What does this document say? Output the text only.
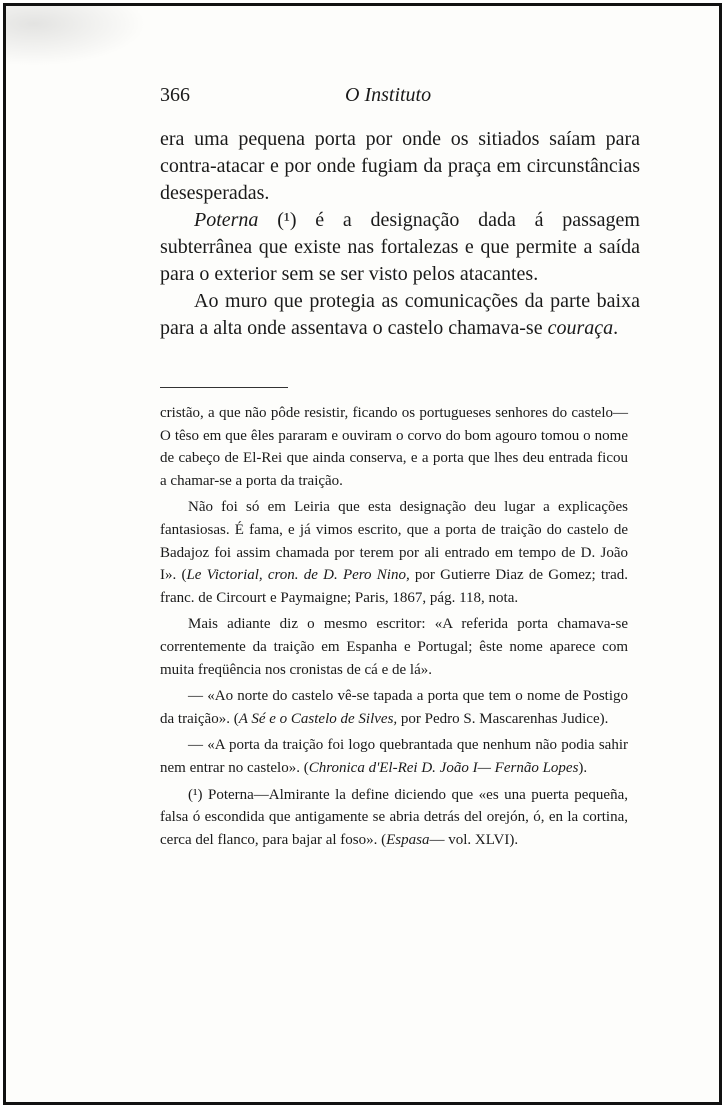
366	O Instituto

era uma pequena porta por onde os sitiados saíam para contra-atacar e por onde fugiam da praça em circunstâncias desesperadas.

Poterna (¹) é a designação dada á passagem subterrânea que existe nas fortalezas e que permite a saída para o exterior sem se ser visto pelos atacantes.

Ao muro que protegia as comunicações da parte baixa para a alta onde assentava o castelo chamava-se couraça.

cristão, a que não pôde resistir, ficando os portugueses senhores do castelo—O têso em que êles pararam e ouviram o corvo do bom agouro tomou o nome de cabeço de El-Rei que ainda conserva, e a porta que lhes deu entrada ficou a chamar-se a porta da traição.

Não foi só em Leiria que esta designação deu lugar a explicações fantasiosas. É fama, e já vimos escrito, que a porta de traição do castelo de Badajoz foi assim chamada por terem por ali entrado em tempo de D. João I». (Le Victorial, cron. de D. Pero Nino, por Gutierre Diaz de Gomez; trad. franc. de Circourt e Paymaigne; Paris, 1867, pág. 118, nota.

Mais adiante diz o mesmo escritor: «A referida porta chamava-se correntemente da traição em Espanha e Portugal; êste nome aparece com muita freqüência nos cronistas de cá e de lá».

— «Ao norte do castelo vê-se tapada a porta que tem o nome de Postigo da traição». (A Sé e o Castelo de Silves, por Pedro S. Mascarenhas Judice).

— «A porta da traição foi logo quebrantada que nenhum não podia sahir nem entrar no castelo». (Chronica d'El-Rei D. João I— Fernão Lopes).

(¹) Poterna—Almirante la define diciendo que «es una puerta pequeña, falsa ó escondida que antigamente se abria detrás del orejón, ó, en la cortina, cerca del flanco, para bajar al foso». (Espasa— vol. XLVI).
